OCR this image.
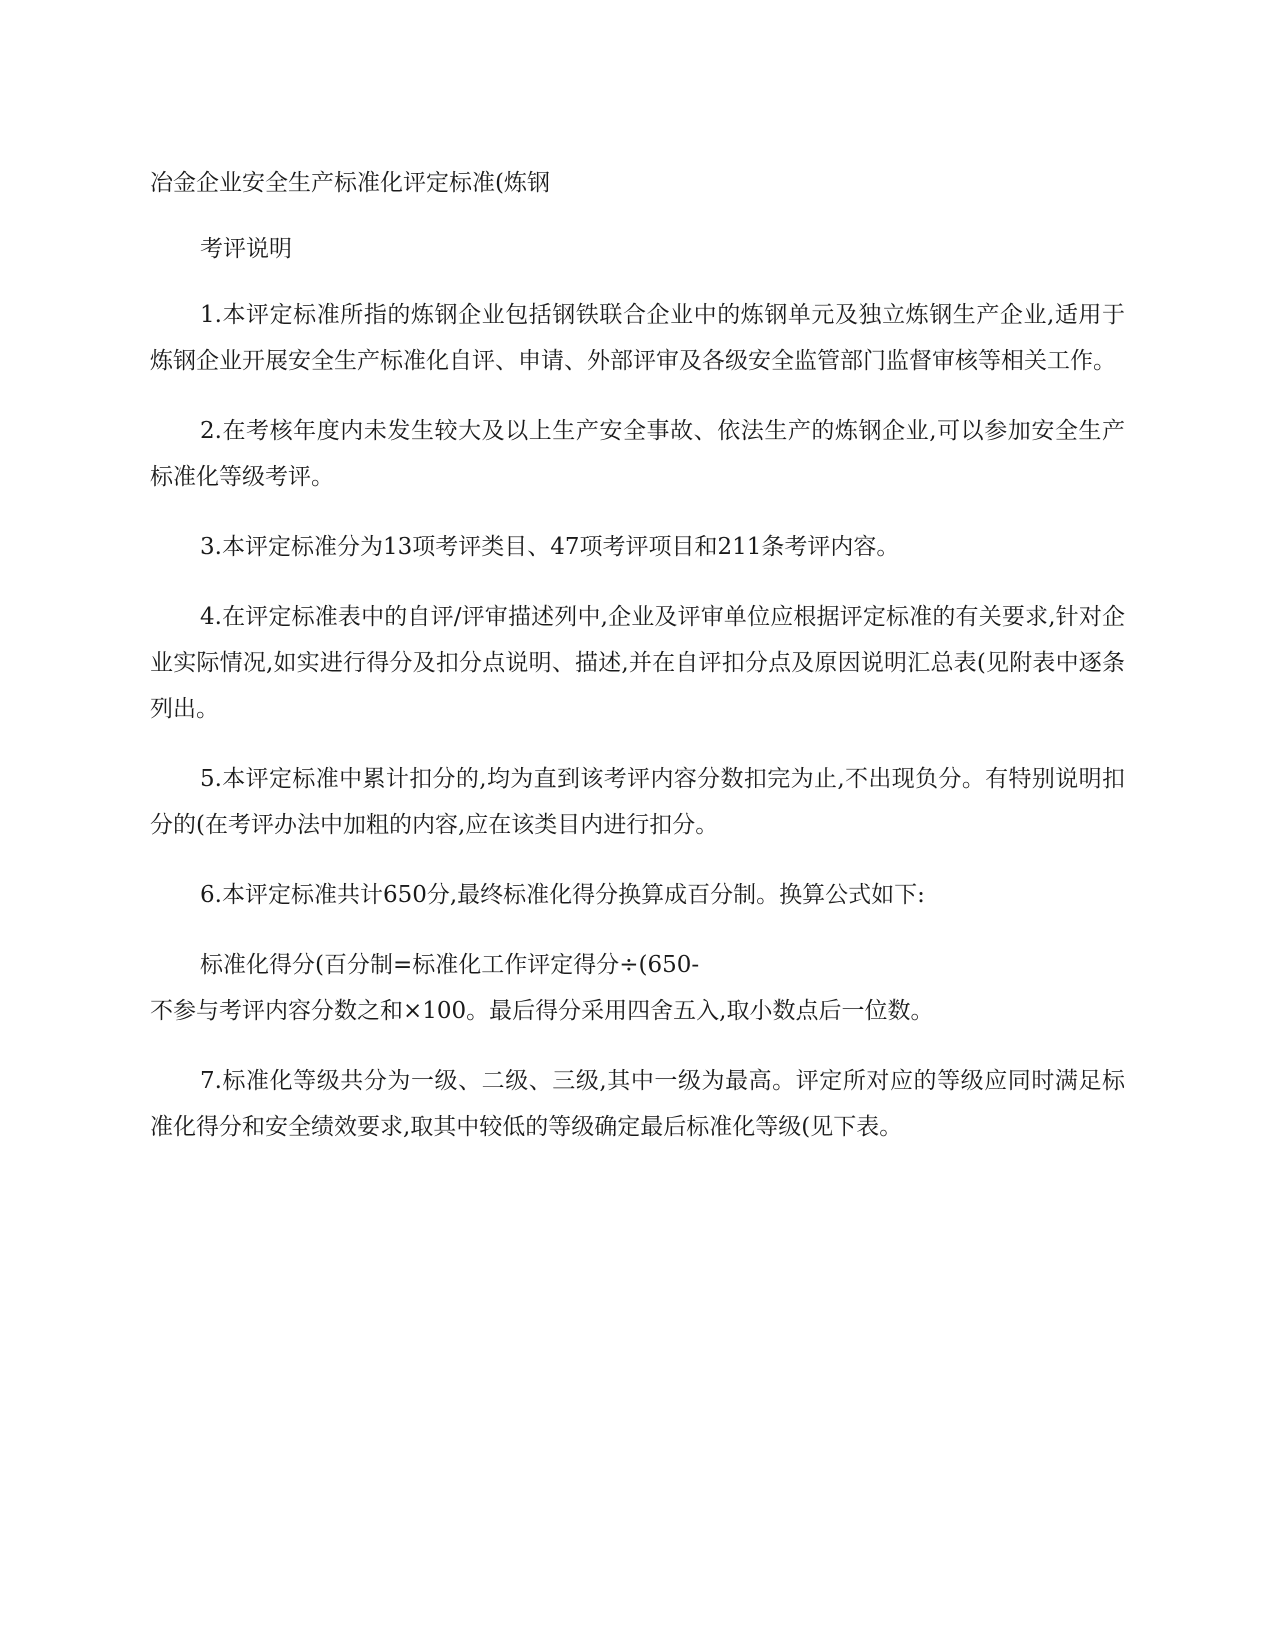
冶金企业安全生产标准化评定标准(炼钢
考评说明

1.本评定标准所指的炼钢企业包括钢铁联合企业中的炼钢单元及独立炼钢生产企业,适用于炼钢企业开展安全生产标准化自评、申请、外部评审及各级安全监管部门监督审核等相关工作。

2.在考核年度内未发生较大及以上生产安全事故、依法生产的炼钢企业,可以参加安全生产标准化等级考评。

3.本评定标准分为13项考评类目、47项考评项目和211条考评内容。

4.在评定标准表中的自评/评审描述列中,企业及评审单位应根据评定标准的有关要求,针对企业实际情况,如实进行得分及扣分点说明、描述,并在自评扣分点及原因说明汇总表(见附表中逐条列出。

5.本评定标准中累计扣分的,均为直到该考评内容分数扣完为止,不出现负分。有特别说明扣分的(在考评办法中加粗的内容,应在该类目内进行扣分。

6.本评定标准共计650分,最终标准化得分换算成百分制。换算公式如下:

标准化得分(百分制=标准化工作评定得分÷(650-
不参与考评内容分数之和×100。最后得分采用四舍五入,取小数点后一位数。

7.标准化等级共分为一级、二级、三级,其中一级为最高。评定所对应的等级应同时满足标准化得分和安全绩效要求,取其中较低的等级确定最后标准化等级(见下表。
